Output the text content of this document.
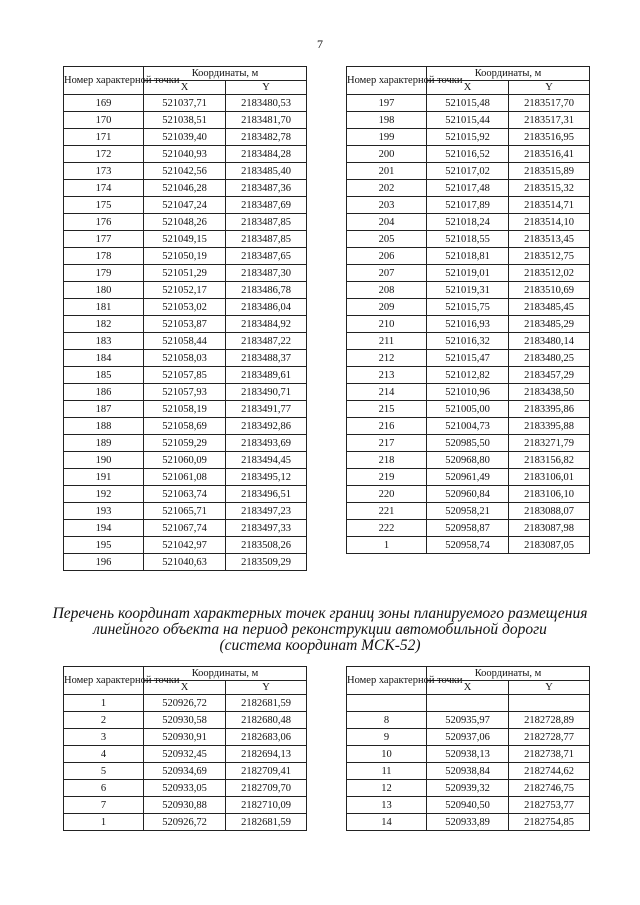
7
Номер характерной точки	Координаты, м	
	X	Y
169	521037,71	2183480,53
170	521038,51	2183481,70
171	521039,40	2183482,78
172	521040,93	2183484,28
173	521042,56	2183485,40
174	521046,28	2183487,36
175	521047,24	2183487,69
176	521048,26	2183487,85
177	521049,15	2183487,85
178	521050,19	2183487,65
179	521051,29	2183487,30
180	521052,17	2183486,78
181	521053,02	2183486,04
182	521053,87	2183484,92
183	521058,44	2183487,22
184	521058,03	2183488,37
185	521057,85	2183489,61
186	521057,93	2183490,71
187	521058,19	2183491,77
188	521058,69	2183492,86
189	521059,29	2183493,69
190	521060,09	2183494,45
191	521061,08	2183495,12
192	521063,74	2183496,51
193	521065,71	2183497,23
194	521067,74	2183497,33
195	521042,97	2183508,26
196	521040,63	2183509,29
Номер характерной точки	Координаты, м	
	X	Y
197	521015,48	2183517,70
198	521015,44	2183517,31
199	521015,92	2183516,95
200	521016,52	2183516,41
201	521017,02	2183515,89
202	521017,48	2183515,32
203	521017,89	2183514,71
204	521018,24	2183514,10
205	521018,55	2183513,45
206	521018,81	2183512,75
207	521019,01	2183512,02
208	521019,31	2183510,69
209	521015,75	2183485,45
210	521016,93	2183485,29
211	521016,32	2183480,14
212	521015,47	2183480,25
213	521012,82	2183457,29
214	521010,96	2183438,50
215	521005,00	2183395,86
216	521004,73	2183395,88
217	520985,50	2183271,79
218	520968,80	2183156,82
219	520961,49	2183106,01
220	520960,84	2183106,10
221	520958,21	2183088,07
222	520958,87	2183087,98
1	520958,74	2183087,05
Перечень координат характерных точек границ зоны планируемого размещения
линейного объекта на период реконструкции автомобильной дороги
(система координат МСК-52)
Номер характерной точки	Координаты, м	
	X	Y
1	520926,72	2182681,59
2	520930,58	2182680,48
3	520930,91	2182683,06
4	520932,45	2182694,13
5	520934,69	2182709,41
6	520933,05	2182709,70
7	520930,88	2182710,09
1	520926,72	2182681,59
Номер характерной точки	Координаты, м	
	X	Y

8	520935,97	2182728,89
9	520937,06	2182728,77
10	520938,13	2182738,71
11	520938,84	2182744,62
12	520939,32	2182746,75
13	520940,50	2182753,77
14	520933,89	2182754,85
